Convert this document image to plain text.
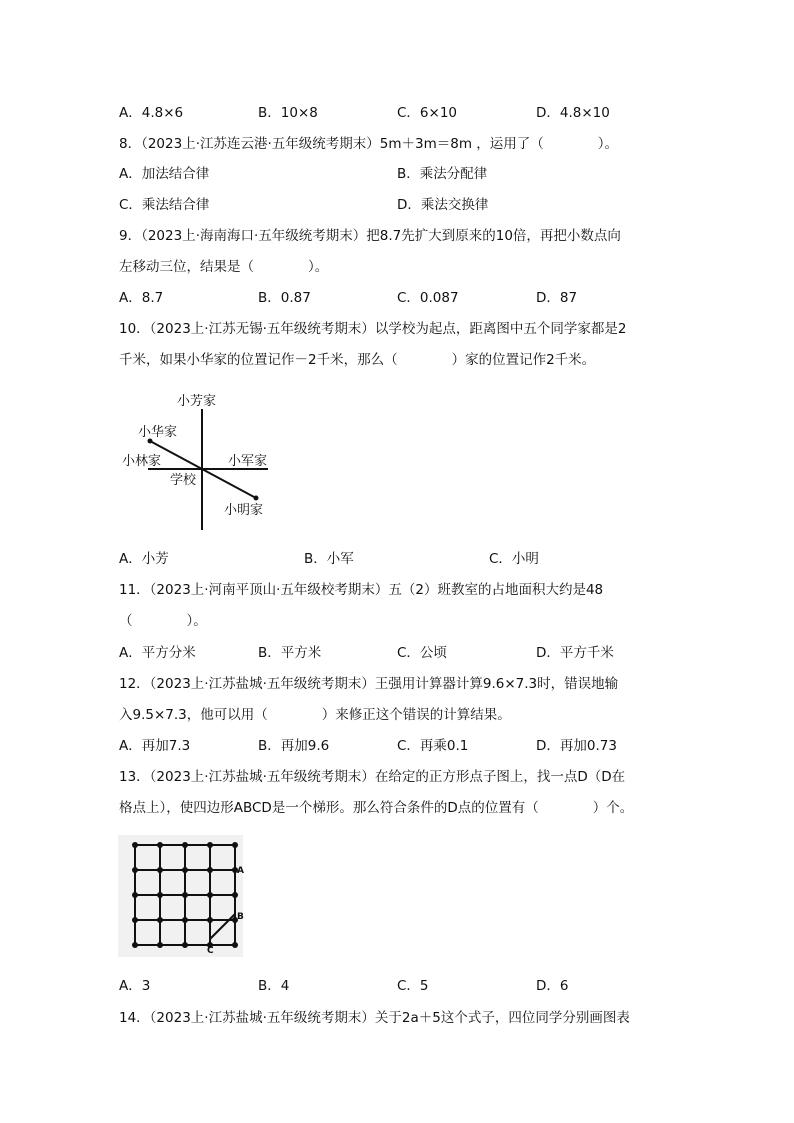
A．4.8×6	B．10×8	C．6×10	D．4.8×10
8．（2023上·江苏连云港·五年级统考期末）5m＋3m＝8m ，运用了（　　　　）。
A．加法结合律	B．乘法分配律
C．乘法结合律	D．乘法交换律
9．（2023上·海南海口·五年级统考期末）把8.7先扩大到原来的10倍，再把小数点向
左移动三位，结果是（　　　　）。
A．8.7	B．0.87	C．0.087	D．87
10．（2023上·江苏无锡·五年级统考期末）以学校为起点，距离图中五个同学家都是2
千米，如果小华家的位置记作－2千米，那么（　　　　）家的位置记作2千米。
小芳家
小华家
小林家	小军家
学校
小明家
A．小芳	B．小军	C．小明
11．（2023上·河南平顶山·五年级校考期末）五（2）班教室的占地面积大约是48
（　　　　）。
A．平方分米	B．平方米	C．公顷	D．平方千米
12．（2023上·江苏盐城·五年级统考期末）王强用计算器计算9.6×7.3时，错误地输
入9.5×7.3，他可以用（　　　　）来修正这个错误的计算结果。
A．再加7.3	B．再加9.6	C．再乘0.1	D．再加0.73
13．（2023上·江苏盐城·五年级统考期末）在给定的正方形点子图上，找一点D（D在
格点上），使四边形ABCD是一个梯形。那么符合条件的D点的位置有（　　　　）个。
A
B
C
A．3	B．4	C．5	D．6
14．（2023上·江苏盐城·五年级统考期末）关于2a＋5这个式子，四位同学分别画图表
